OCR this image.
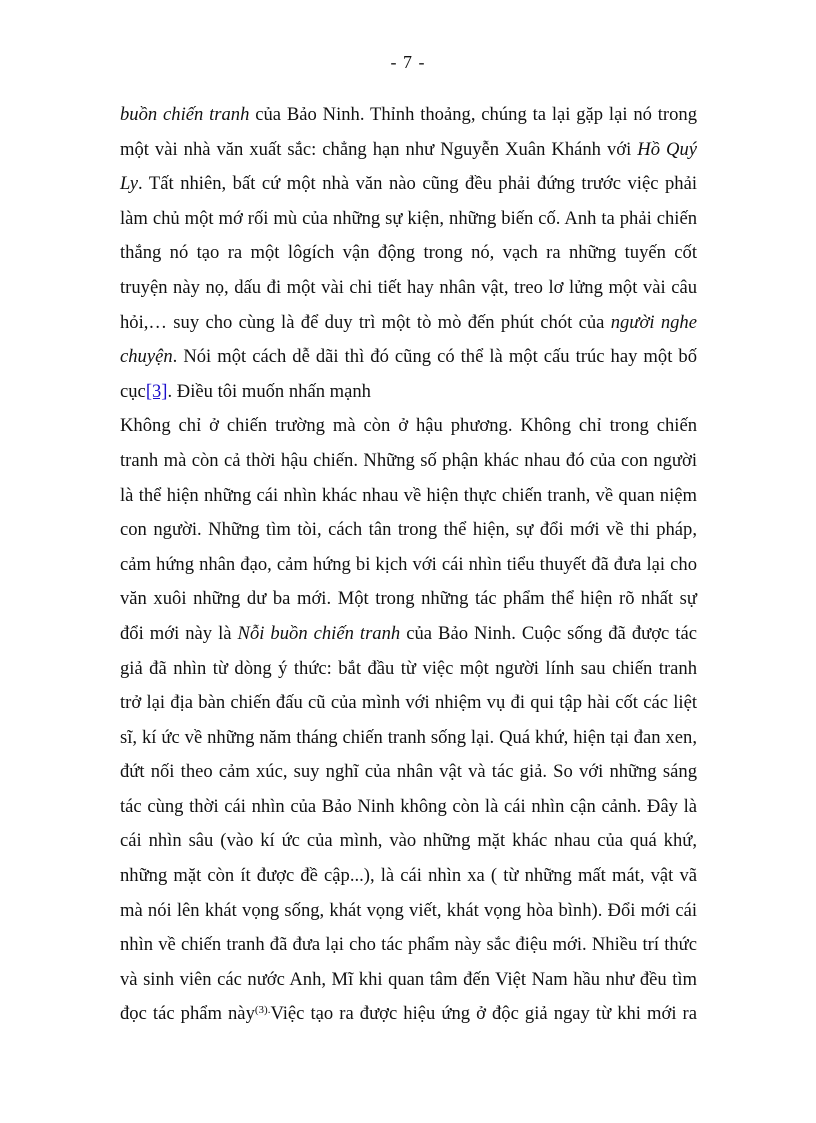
- 7 -
buồn chiến tranh của Bảo Ninh. Thỉnh thoảng, chúng ta lại gặp lại nó trong
một vài nhà văn xuất sắc: chẳng hạn như Nguyễn Xuân Khánh với Hồ Quý
Ly. Tất nhiên, bất cứ một nhà văn nào cũng đều phải đứng trước việc phải
làm chủ một mớ rối mù của những sự kiện, những biến cố. Anh ta phải chiến
thắng nó tạo ra một lôgích vận động trong nó, vạch ra những tuyến cốt
truyện này nọ, dấu đi một vài chi tiết hay nhân vật, treo lơ lửng một vài câu
hỏi,… suy cho cùng là để duy trì một tò mò đến phút chót của người nghe
chuyện. Nói một cách dễ dãi thì đó cũng có thể là một cấu trúc hay một bố
cục[3]. Điều tôi muốn nhấn mạnh
Không chỉ ở chiến trường mà còn ở hậu phương. Không chỉ trong chiến
tranh mà còn cả thời hậu chiến. Những số phận khác nhau đó của con người
là thể hiện những cái nhìn khác nhau về hiện thực chiến tranh, về quan niệm
con người. Những tìm tòi, cách tân trong thể hiện, sự đổi mới về thi pháp,
cảm hứng nhân đạo, cảm hứng bi kịch với cái nhìn tiểu thuyết đã đưa lại cho
văn xuôi những dư ba mới. Một trong những tác phẩm thể hiện rõ nhất sự
đổi mới này là Nỗi buồn chiến tranh của Bảo Ninh. Cuộc sống đã được tác
giả đã nhìn từ dòng ý thức: bắt đầu từ việc một người lính sau chiến tranh
trở lại địa bàn chiến đấu cũ của mình với nhiệm vụ đi qui tập hài cốt các liệt
sĩ, kí ức về những năm tháng chiến tranh sống lại. Quá khứ, hiện tại đan xen,
đứt nối theo cảm xúc, suy nghĩ của nhân vật và tác giả. So với những sáng
tác cùng thời cái nhìn của Bảo Ninh không còn là cái nhìn cận cảnh. Đây là
cái nhìn sâu (vào kí ức của mình, vào những mặt khác nhau của quá khứ,
những mặt còn ít được đề cập...), là cái nhìn xa ( từ những mất mát, vật vã
mà nói lên khát vọng sống, khát vọng viết, khát vọng hòa bình). Đổi mới cái
nhìn về chiến tranh đã đưa lại cho tác phẩm này sắc điệu mới. Nhiều trí thức
và sinh viên các nước Anh, Mĩ khi quan tâm đến Việt Nam hầu như đều tìm
đọc tác phẩm này$^{(3).}$Việc tạo ra được hiệu ứng ở độc giả ngay từ khi mới ra
